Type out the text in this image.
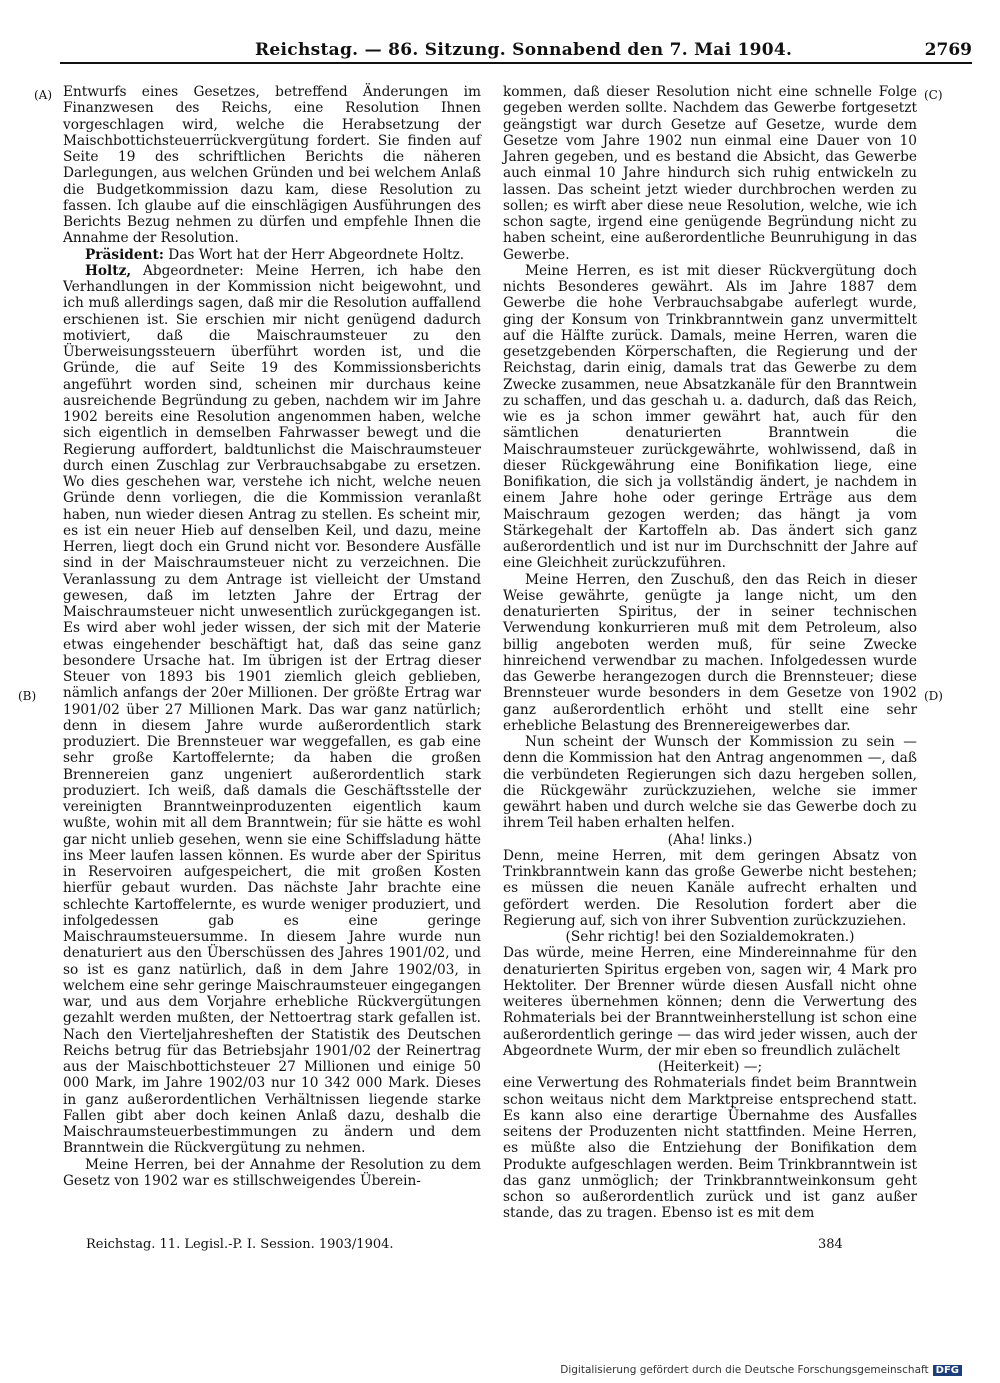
Reichstag. — 86. Sitzung. Sonnabend den 7. Mai 1904.	2769
(A)
(B)
(C)
(D)

Entwurfs eines Gesetzes, betreffend Änderungen im Finanzwesen des Reichs, eine Resolution Ihnen vorgeschlagen wird, welche die Herabsetzung der Maischbottichsteuerrückvergütung fordert. Sie finden auf Seite 19 des schriftlichen Berichts die näheren Darlegungen, aus welchen Gründen und bei welchem Anlaß die Budgetkommission dazu kam, diese Resolution zu fassen. Ich glaube auf die einschlägigen Ausführungen des Berichts Bezug nehmen zu dürfen und empfehle Ihnen die Annahme der Resolution.

Präsident: Das Wort hat der Herr Abgeordnete Holtz.

Holtz, Abgeordneter: Meine Herren, ich habe den Verhandlungen in der Kommission nicht beigewohnt, und ich muß allerdings sagen, daß mir die Resolution auffallend erschienen ist. Sie erschien mir nicht genügend dadurch motiviert, daß die Maischraumsteuer zu den Überweisungssteuern überführt worden ist, und die Gründe, die auf Seite 19 des Kommissionsberichts angeführt worden sind, scheinen mir durchaus keine ausreichende Begründung zu geben, nachdem wir im Jahre 1902 bereits eine Resolution angenommen haben, welche sich eigentlich in demselben Fahrwasser bewegt und die Regierung auffordert, baldtunlichst die Maischraumsteuer durch einen Zuschlag zur Verbrauchsabgabe zu ersetzen. Wo dies geschehen war, verstehe ich nicht, welche neuen Gründe denn vorliegen, die die Kommission veranlaßt haben, nun wieder diesen Antrag zu stellen. Es scheint mir, es ist ein neuer Hieb auf denselben Keil, und dazu, meine Herren, liegt doch ein Grund nicht vor. Besondere Ausfälle sind in der Maischraumsteuer nicht zu verzeichnen. Die Veranlassung zu dem Antrage ist vielleicht der Umstand gewesen, daß im letzten Jahre der Ertrag der Maischraumsteuer nicht unwesentlich zurückgegangen ist. Es wird aber wohl jeder wissen, der sich mit der Materie etwas eingehender beschäftigt hat, daß das seine ganz besondere Ursache hat. Im übrigen ist der Ertrag dieser Steuer von 1893 bis 1901 ziemlich gleich geblieben, nämlich anfangs der 20er Millionen. Der größte Ertrag war 1901/02 über 27 Millionen Mark. Das war ganz natürlich; denn in diesem Jahre wurde außerordentlich stark produziert. Die Brennsteuer war weggefallen, es gab eine sehr große Kartoffelernte; da haben die großen Brennereien ganz ungeniert außerordentlich stark produziert. Ich weiß, daß damals die Geschäftsstelle der vereinigten Branntweinproduzenten eigentlich kaum wußte, wohin mit all dem Branntwein; für sie hätte es wohl gar nicht unlieb gesehen, wenn sie eine Schiffsladung hätte ins Meer laufen lassen können. Es wurde aber der Spiritus in Reservoiren aufgespeichert, die mit großen Kosten hierfür gebaut wurden. Das nächste Jahr brachte eine schlechte Kartoffelernte, es wurde weniger produziert, und infolgedessen gab es eine geringe Maischraumsteuersumme. In diesem Jahre wurde nun denaturiert aus den Überschüssen des Jahres 1901/02, und so ist es ganz natürlich, daß in dem Jahre 1902/03, in welchem eine sehr geringe Maischraumsteuer eingegangen war, und aus dem Vorjahre erhebliche Rückvergütungen gezahlt werden mußten, der Nettoertrag stark gefallen ist. Nach den Vierteljahresheften der Statistik des Deutschen Reichs betrug für das Betriebsjahr 1901/02 der Reinertrag aus der Maischbottichsteuer 27 Millionen und einige 50 000 Mark, im Jahre 1902/03 nur 10 342 000 Mark. Dieses in ganz außerordentlichen Verhältnissen liegende starke Fallen gibt aber doch keinen Anlaß dazu, deshalb die Maischraumsteuerbestimmungen zu ändern und dem Branntwein die Rückvergütung zu nehmen.

Meine Herren, bei der Annahme der Resolution zu dem Gesetz von 1902 war es stillschweigendes Überein-

kommen, daß dieser Resolution nicht eine schnelle Folge gegeben werden sollte. Nachdem das Gewerbe fortgesetzt geängstigt war durch Gesetze auf Gesetze, wurde dem Gesetze vom Jahre 1902 nun einmal eine Dauer von 10 Jahren gegeben, und es bestand die Absicht, das Gewerbe auch einmal 10 Jahre hindurch sich ruhig entwickeln zu lassen. Das scheint jetzt wieder durchbrochen werden zu sollen; es wirft aber diese neue Resolution, welche, wie ich schon sagte, irgend eine genügende Begründung nicht zu haben scheint, eine außerordentliche Beunruhigung in das Gewerbe.

Meine Herren, es ist mit dieser Rückvergütung doch nichts Besonderes gewährt. Als im Jahre 1887 dem Gewerbe die hohe Verbrauchsabgabe auferlegt wurde, ging der Konsum von Trinkbranntwein ganz unvermittelt auf die Hälfte zurück. Damals, meine Herren, waren die gesetzgebenden Körperschaften, die Regierung und der Reichstag, darin einig, damals trat das Gewerbe zu dem Zwecke zusammen, neue Absatzkanäle für den Branntwein zu schaffen, und das geschah u. a. dadurch, daß das Reich, wie es ja schon immer gewährt hat, auch für den sämtlichen denaturierten Branntwein die Maischraumsteuer zurückgewährte, wohlwissend, daß in dieser Rückgewährung eine Bonifikation liege, eine Bonifikation, die sich ja vollständig ändert, je nachdem in einem Jahre hohe oder geringe Erträge aus dem Maischraum gezogen werden; das hängt ja vom Stärkegehalt der Kartoffeln ab. Das ändert sich ganz außerordentlich und ist nur im Durchschnitt der Jahre auf eine Gleichheit zurückzuführen.

Meine Herren, den Zuschuß, den das Reich in dieser Weise gewährte, genügte ja lange nicht, um den denaturierten Spiritus, der in seiner technischen Verwendung konkurrieren muß mit dem Petroleum, also billig angeboten werden muß, für seine Zwecke hinreichend verwendbar zu machen. Infolgedessen wurde das Gewerbe herangezogen durch die Brennsteuer; diese Brennsteuer wurde besonders in dem Gesetze von 1902 ganz außerordentlich erhöht und stellt eine sehr erhebliche Belastung des Brennereigewerbes dar.

Nun scheint der Wunsch der Kommission zu sein — denn die Kommission hat den Antrag angenommen —, daß die verbündeten Regierungen sich dazu hergeben sollen, die Rückgewähr zurückzuziehen, welche sie immer gewährt haben und durch welche sie das Gewerbe doch zu ihrem Teil haben erhalten helfen.

(Aha! links.)

Denn, meine Herren, mit dem geringen Absatz von Trinkbranntwein kann das große Gewerbe nicht bestehen; es müssen die neuen Kanäle aufrecht erhalten und gefördert werden. Die Resolution fordert aber die Regierung auf, sich von ihrer Subvention zurückzuziehen.

(Sehr richtig! bei den Sozialdemokraten.)

Das würde, meine Herren, eine Mindereinnahme für den denaturierten Spiritus ergeben von, sagen wir, 4 Mark pro Hektoliter. Der Brenner würde diesen Ausfall nicht ohne weiteres übernehmen können; denn die Verwertung des Rohmaterials bei der Branntweinherstellung ist schon eine außerordentlich geringe — das wird jeder wissen, auch der Abgeordnete Wurm, der mir eben so freundlich zulächelt

(Heiterkeit) —;

eine Verwertung des Rohmaterials findet beim Branntwein schon weitaus nicht dem Marktpreise entsprechend statt. Es kann also eine derartige Übernahme des Ausfalles seitens der Produzenten nicht stattfinden. Meine Herren, es müßte also die Entziehung der Bonifikation dem Produkte aufgeschlagen werden. Beim Trinkbranntwein ist das ganz unmöglich; der Trinkbranntweinkonsum geht schon so außerordentlich zurück und ist ganz außer stande, das zu tragen. Ebenso ist es mit dem

Reichstag. 11. Legisl.-P. I. Session. 1903/1904.	384
Digitalisierung gefördert durch die Deutsche Forschungsgemeinschaft DFG
